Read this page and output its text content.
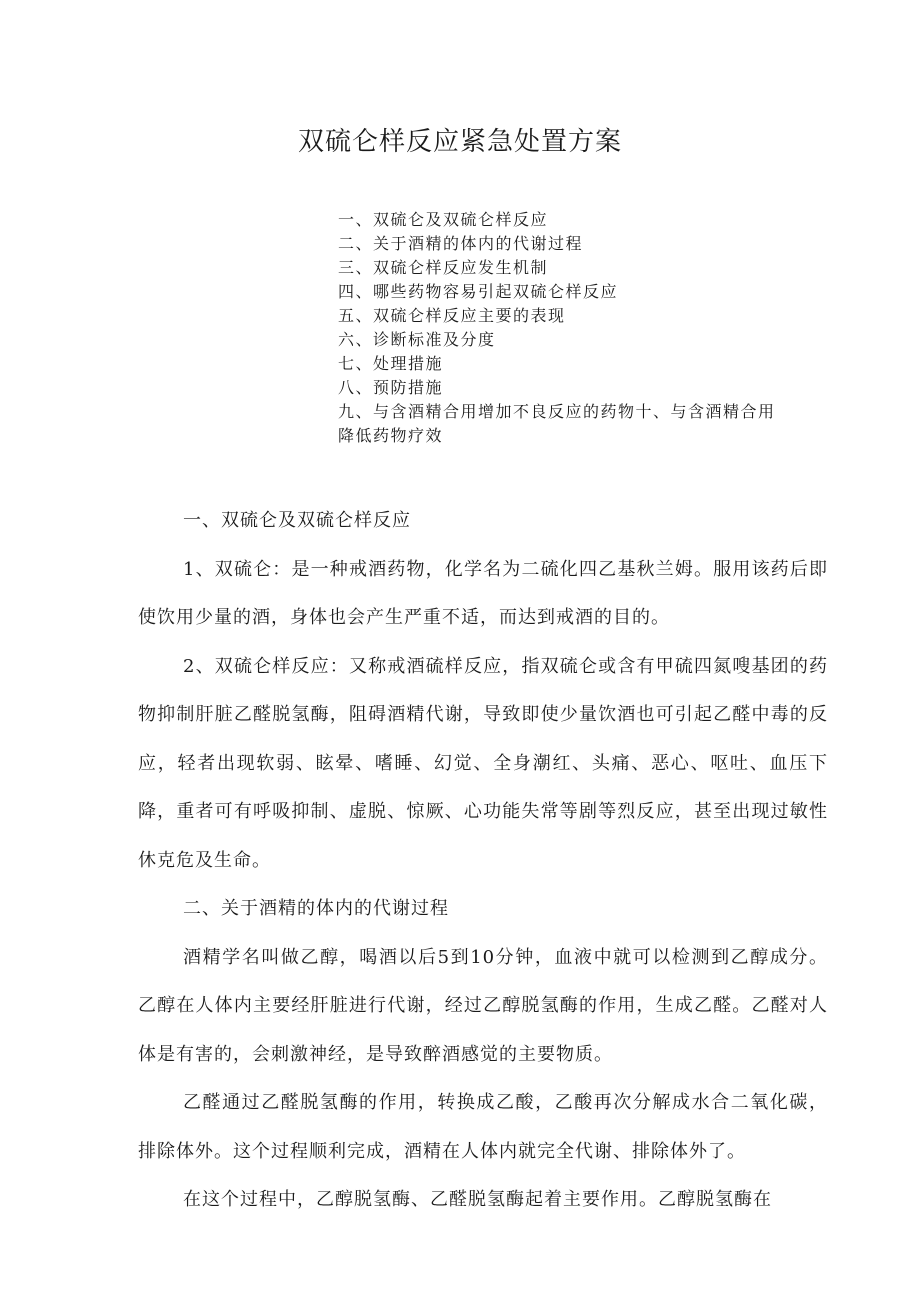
双硫仑样反应紧急处置方案
一、双硫仑及双硫仑样反应
二、关于酒精的体内的代谢过程
三、双硫仑样反应发生机制
四、哪些药物容易引起双硫仑样反应
五、双硫仑样反应主要的表现
六、诊断标准及分度
七、处理措施
八、预防措施
九、与含酒精合用增加不良反应的药物十、与含酒精合用
降低药物疗效

一、双硫仑及双硫仑样反应

1、双硫仑：是一种戒酒药物，化学名为二硫化四乙基秋兰姆。服用该药后即使饮用少量的酒，身体也会产生严重不适，而达到戒酒的目的。

2、双硫仑样反应：又称戒酒硫样反应，指双硫仑或含有甲硫四氮嗖基团的药物抑制肝脏乙醛脱氢酶，阻碍酒精代谢，导致即使少量饮酒也可引起乙醛中毒的反应，轻者出现软弱、眩晕、嗜睡、幻觉、全身潮红、头痛、恶心、呕吐、血压下降，重者可有呼吸抑制、虚脱、惊厥、心功能失常等剧等烈反应，甚至出现过敏性休克危及生命。

二、关于酒精的体内的代谢过程

酒精学名叫做乙醇，喝酒以后5到10分钟，血液中就可以检测到乙醇成分。乙醇在人体内主要经肝脏进行代谢，经过乙醇脱氢酶的作用，生成乙醛。乙醛对人体是有害的，会刺激神经，是导致醉酒感觉的主要物质。

乙醛通过乙醛脱氢酶的作用，转换成乙酸，乙酸再次分解成水合二氧化碳，排除体外。这个过程顺利完成，酒精在人体内就完全代谢、排除体外了。

在这个过程中，乙醇脱氢酶、乙醛脱氢酶起着主要作用。乙醇脱氢酶在
